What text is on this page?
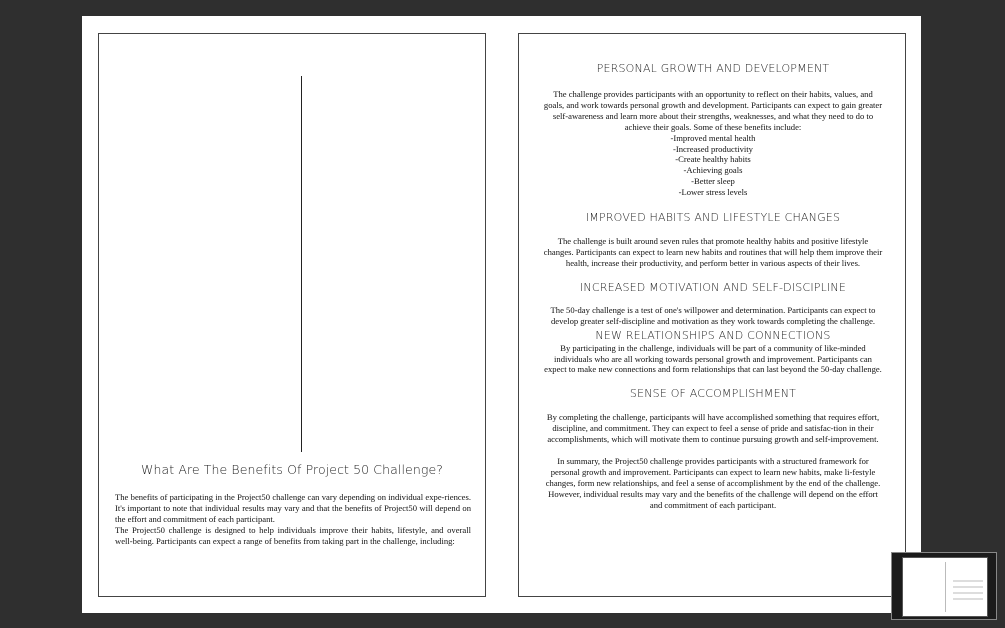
What Are The Benefits Of Project 50 Challenge?

The benefits of participating in the Project50 challenge can vary depending on individual expe-riences. It's important to note that individual results may vary and that the benefits of Project50 will depend on the effort and commitment of each participant.

The Project50 challenge is designed to help individuals improve their habits, lifestyle, and overall well-being. Participants can expect a range of benefits from taking part in the challenge, including:

PERSONAL GROWTH AND DEVELOPMENT

The challenge provides participants with an opportunity to reflect on their habits, values, and goals, and work towards personal growth and development. Participants can expect to gain greater self-awareness and learn more about their strengths, weaknesses, and what they need to do to achieve their goals. Some of these benefits include:

-Improved mental health
-Increased productivity
-Create healthy habits
-Achieving goals
-Better sleep
-Lower stress levels
IMPROVED HABITS AND LIFESTYLE CHANGES

The challenge is built around seven rules that promote healthy habits and positive lifestyle changes. Participants can expect to learn new habits and routines that will help them improve their health, increase their productivity, and perform better in various aspects of their lives.

INCREASED MOTIVATION AND SELF-DISCIPLINE

The 50-day challenge is a test of one's willpower and determination. Participants can expect to develop greater self-discipline and motivation as they work towards completing the challenge.

NEW RELATIONSHIPS AND CONNECTIONS

By participating in the challenge, individuals will be part of a community of like-minded individuals who are all working towards personal growth and improvement. Participants can expect to make new connections and form relationships that can last beyond the 50-day challenge.

SENSE OF ACCOMPLISHMENT

By completing the challenge, participants will have accomplished something that requires effort, discipline, and commitment. They can expect to feel a sense of pride and satisfac-tion in their accomplishments, which will motivate them to continue pursuing growth and self-improvement.

In summary, the Project50 challenge provides participants with a structured framework for personal growth and improvement. Participants can expect to learn new habits, make li-festyle changes, form new relationships, and feel a sense of accomplishment by the end of the challenge. However, individual results may vary and the benefits of the challenge will depend on the effort and commitment of each participant.
